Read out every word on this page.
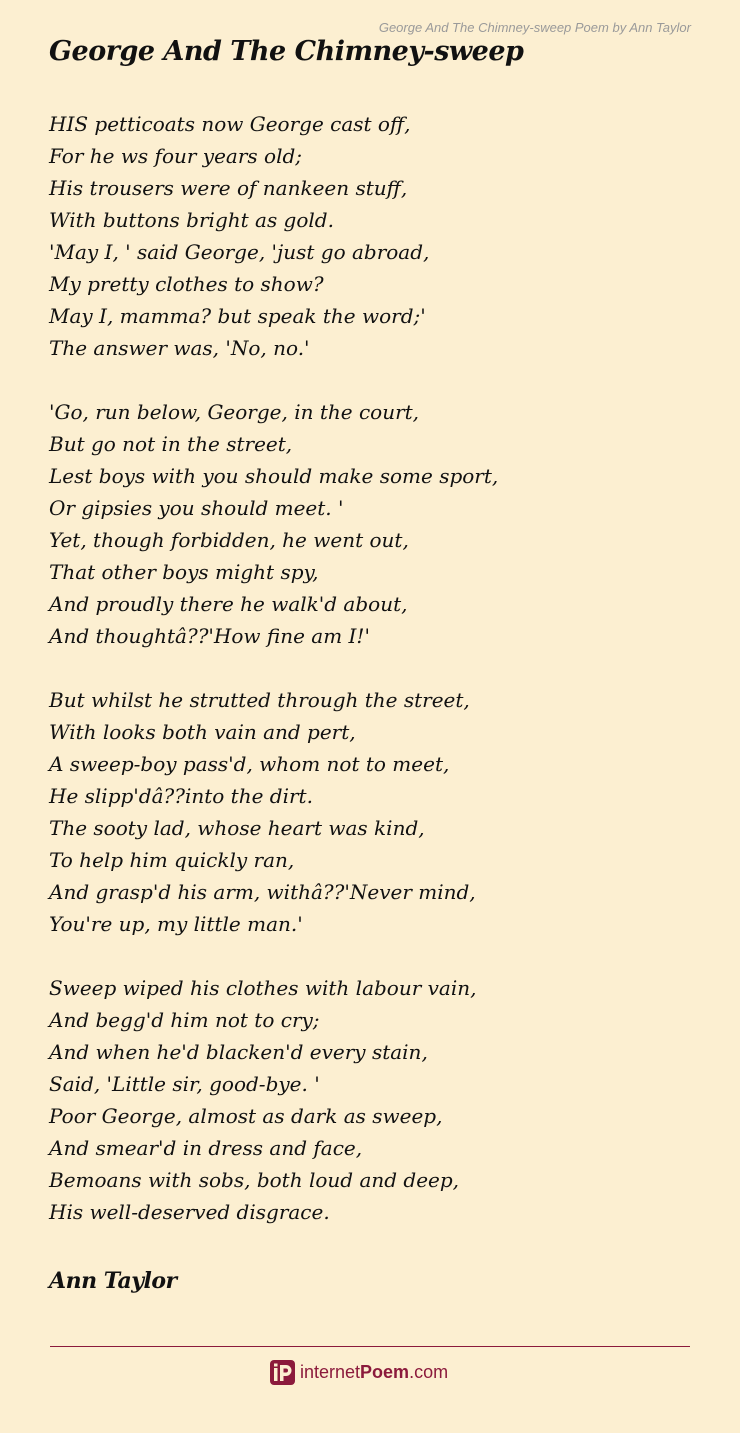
George And The Chimney-sweep Poem by Ann Taylor
George And The Chimney-sweep
HIS petticoats now George cast off,
For he ws four years old;
His trousers were of nankeen stuff,
With buttons bright as gold.
'May I, ' said George, 'just go abroad,
My pretty clothes to show?
May I, mamma? but speak the word;'
The answer was, 'No, no.'
'Go, run below, George, in the court,
But go not in the street,
Lest boys with you should make some sport,
Or gipsies you should meet. '
Yet, though forbidden, he went out,
That other boys might spy,
And proudly there he walk'd about,
And thoughtâ??'How fine am I!'
But whilst he strutted through the street,
With looks both vain and pert,
A sweep-boy pass'd, whom not to meet,
He slipp'dâ??into the dirt.
The sooty lad, whose heart was kind,
To help him quickly ran,
And grasp'd his arm, withâ??'Never mind,
You're up, my little man.'
Sweep wiped his clothes with labour vain,
And begg'd him not to cry;
And when he'd blacken'd every stain,
Said, 'Little sir, good-bye. '
Poor George, almost as dark as sweep,
And smear'd in dress and face,
Bemoans with sobs, both loud and deep,
His well-deserved disgrace.
Ann Taylor
internetPoem.com
